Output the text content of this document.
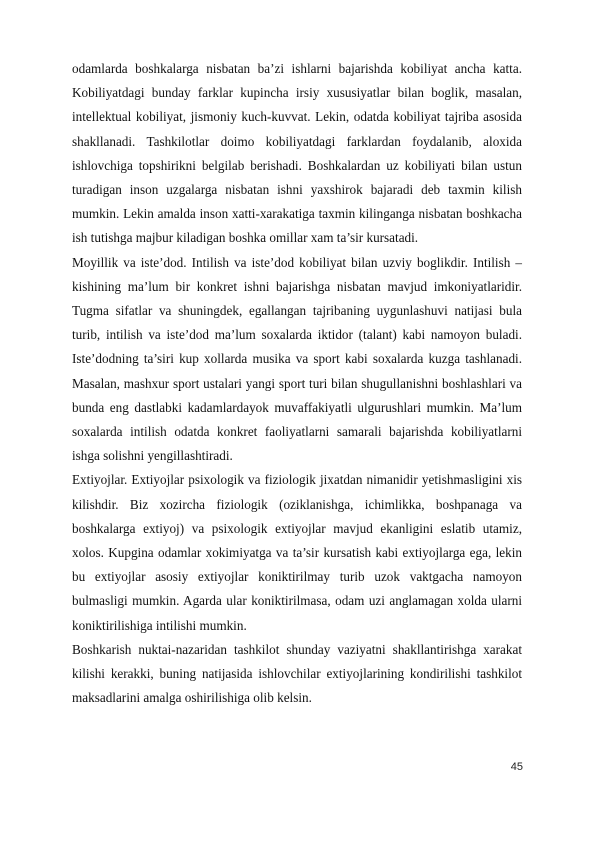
odamlarda boshkalarga nisbatan ba’zi ishlarni bajarishda kobiliyat ancha katta. Kobiliyatdagi bunday farklar kupincha irsiy xususiyatlar bilan boglik, masalan, intellektual kobiliyat, jismoniy kuch-kuvvat. Lekin, odatda kobiliyat tajriba asosida shakllanadi. Tashkilotlar doimo kobiliyatdagi farklardan foydalanib, aloxida ishlovchiga topshirikni belgilab berishadi. Boshkalardan uz kobiliyati bilan ustun turadigan inson uzgalarga nisbatan ishni yaxshirok bajaradi deb taxmin kilish mumkin. Lekin amalda inson xatti-xarakatiga taxmin kilinganga nisbatan boshkacha ish tutishga majbur kiladigan boshka omillar xam ta’sir kursatadi.

Moyillik va iste’dod. Intilish va iste’dod kobiliyat bilan uzviy boglikdir. Intilish – kishining ma’lum bir konkret ishni bajarishga nisbatan mavjud imkoniyatlaridir. Tugma sifatlar va shuningdek, egallangan tajribaning uygunlashuvi natijasi bula turib, intilish va iste’dod ma’lum soxalarda iktidor (talant) kabi namoyon buladi. Iste’dodning ta’siri kup xollarda musika va sport kabi soxalarda kuzga tashlanadi. Masalan, mashxur sport ustalari yangi sport turi bilan shugullanishni boshlashlari va bunda eng dastlabki kadamlardayok muvaffakiyatli ulgurushlari mumkin. Ma’lum soxalarda intilish odatda konkret faoliyatlarni samarali bajarishda kobiliyatlarni ishga solishni yengillashtiradi.

Extiyojlar. Extiyojlar psixologik va fiziologik jixatdan nimanidir yetishmasligini xis kilishdir. Biz xozircha fiziologik (oziklanishga, ichimlikka, boshpanaga va boshkalarga extiyoj) va psixologik extiyojlar mavjud ekanligini eslatib utamiz, xolos. Kupgina odamlar xokimiyatga va ta’sir kursatish kabi extiyojlarga ega, lekin bu extiyojlar asosiy extiyojlar koniktirilmay turib uzok vaktgacha namoyon bulmasligi mumkin. Agarda ular koniktirilmasa, odam uzi anglamagan xolda ularni koniktirilishiga intilishi mumkin.

Boshkarish nuktai-nazaridan tashkilot shunday vaziyatni shakllantirishga xarakat kilishi kerakki, buning natijasida ishlovchilar extiyojlarining kondirilishi tashkilot maksadlarini amalga oshirilishiga olib kelsin.

45
